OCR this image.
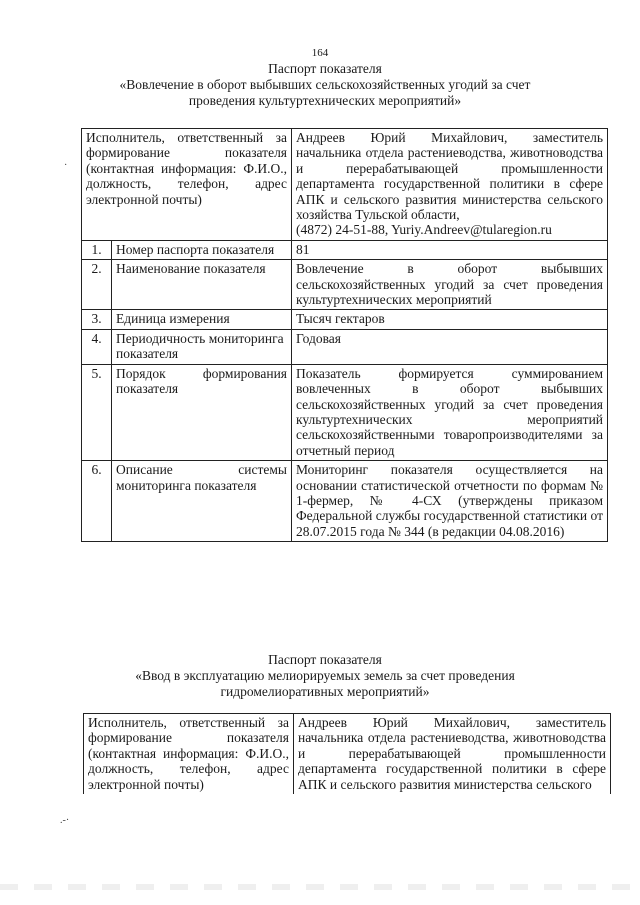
164
Паспорт показателя
«Вовлечение в оборот выбывших сельскохозяйственных угодий за счет
проведения культуртехнических мероприятий»
Исполнитель, ответственный за формирование показателя (контактная информация: Ф.И.О., должность, телефон, адрес электронной почты)		Андреев Юрий Михайлович, заместитель начальника отдела растениеводства, животноводства и перерабатывающей промышленности департамента государственной политики в сфере АПК и сельского развития министерства сельского хозяйства Тульской области,
(4872) 24-51-88, Yuriy.Andreev@tularegion.ru

1.	Номер паспорта показателя	81
2.	Наименование показателя	Вовлечение в оборот выбывших сельскохозяйственных угодий за счет проведения культуртехнических мероприятий
3.	Единица измерения	Тысяч гектаров
4.	Периодичность мониторинга показателя	Годовая
5.	Порядок формирования показателя	Показатель формируется суммированием вовлеченных в оборот выбывших сельскохозяйственных угодий за счет проведения культуртехнических мероприятий сельскохозяйственными товаропроизводителями за отчетный период
6.	Описание системы мониторинга показателя	Мониторинг показателя осуществляется на основании статистической отчетности по формам № 1-фермер, № 4-СХ (утверждены приказом Федеральной службы государственной статистики от 28.07.2015 года № 344 (в редакции 04.08.2016)
Паспорт показателя
«Ввод в эксплуатацию мелиорируемых земель за счет проведения
гидромелиоративных мероприятий»
Исполнитель, ответственный за формирование показателя (контактная информация: Ф.И.О., должность, телефон, адрес электронной почты)	Андреев Юрий Михайлович, заместитель начальника отдела растениеводства, животноводства и перерабатывающей промышленности департамента государственной политики в сфере АПК и сельского развития министерства сельского
·
.-·
